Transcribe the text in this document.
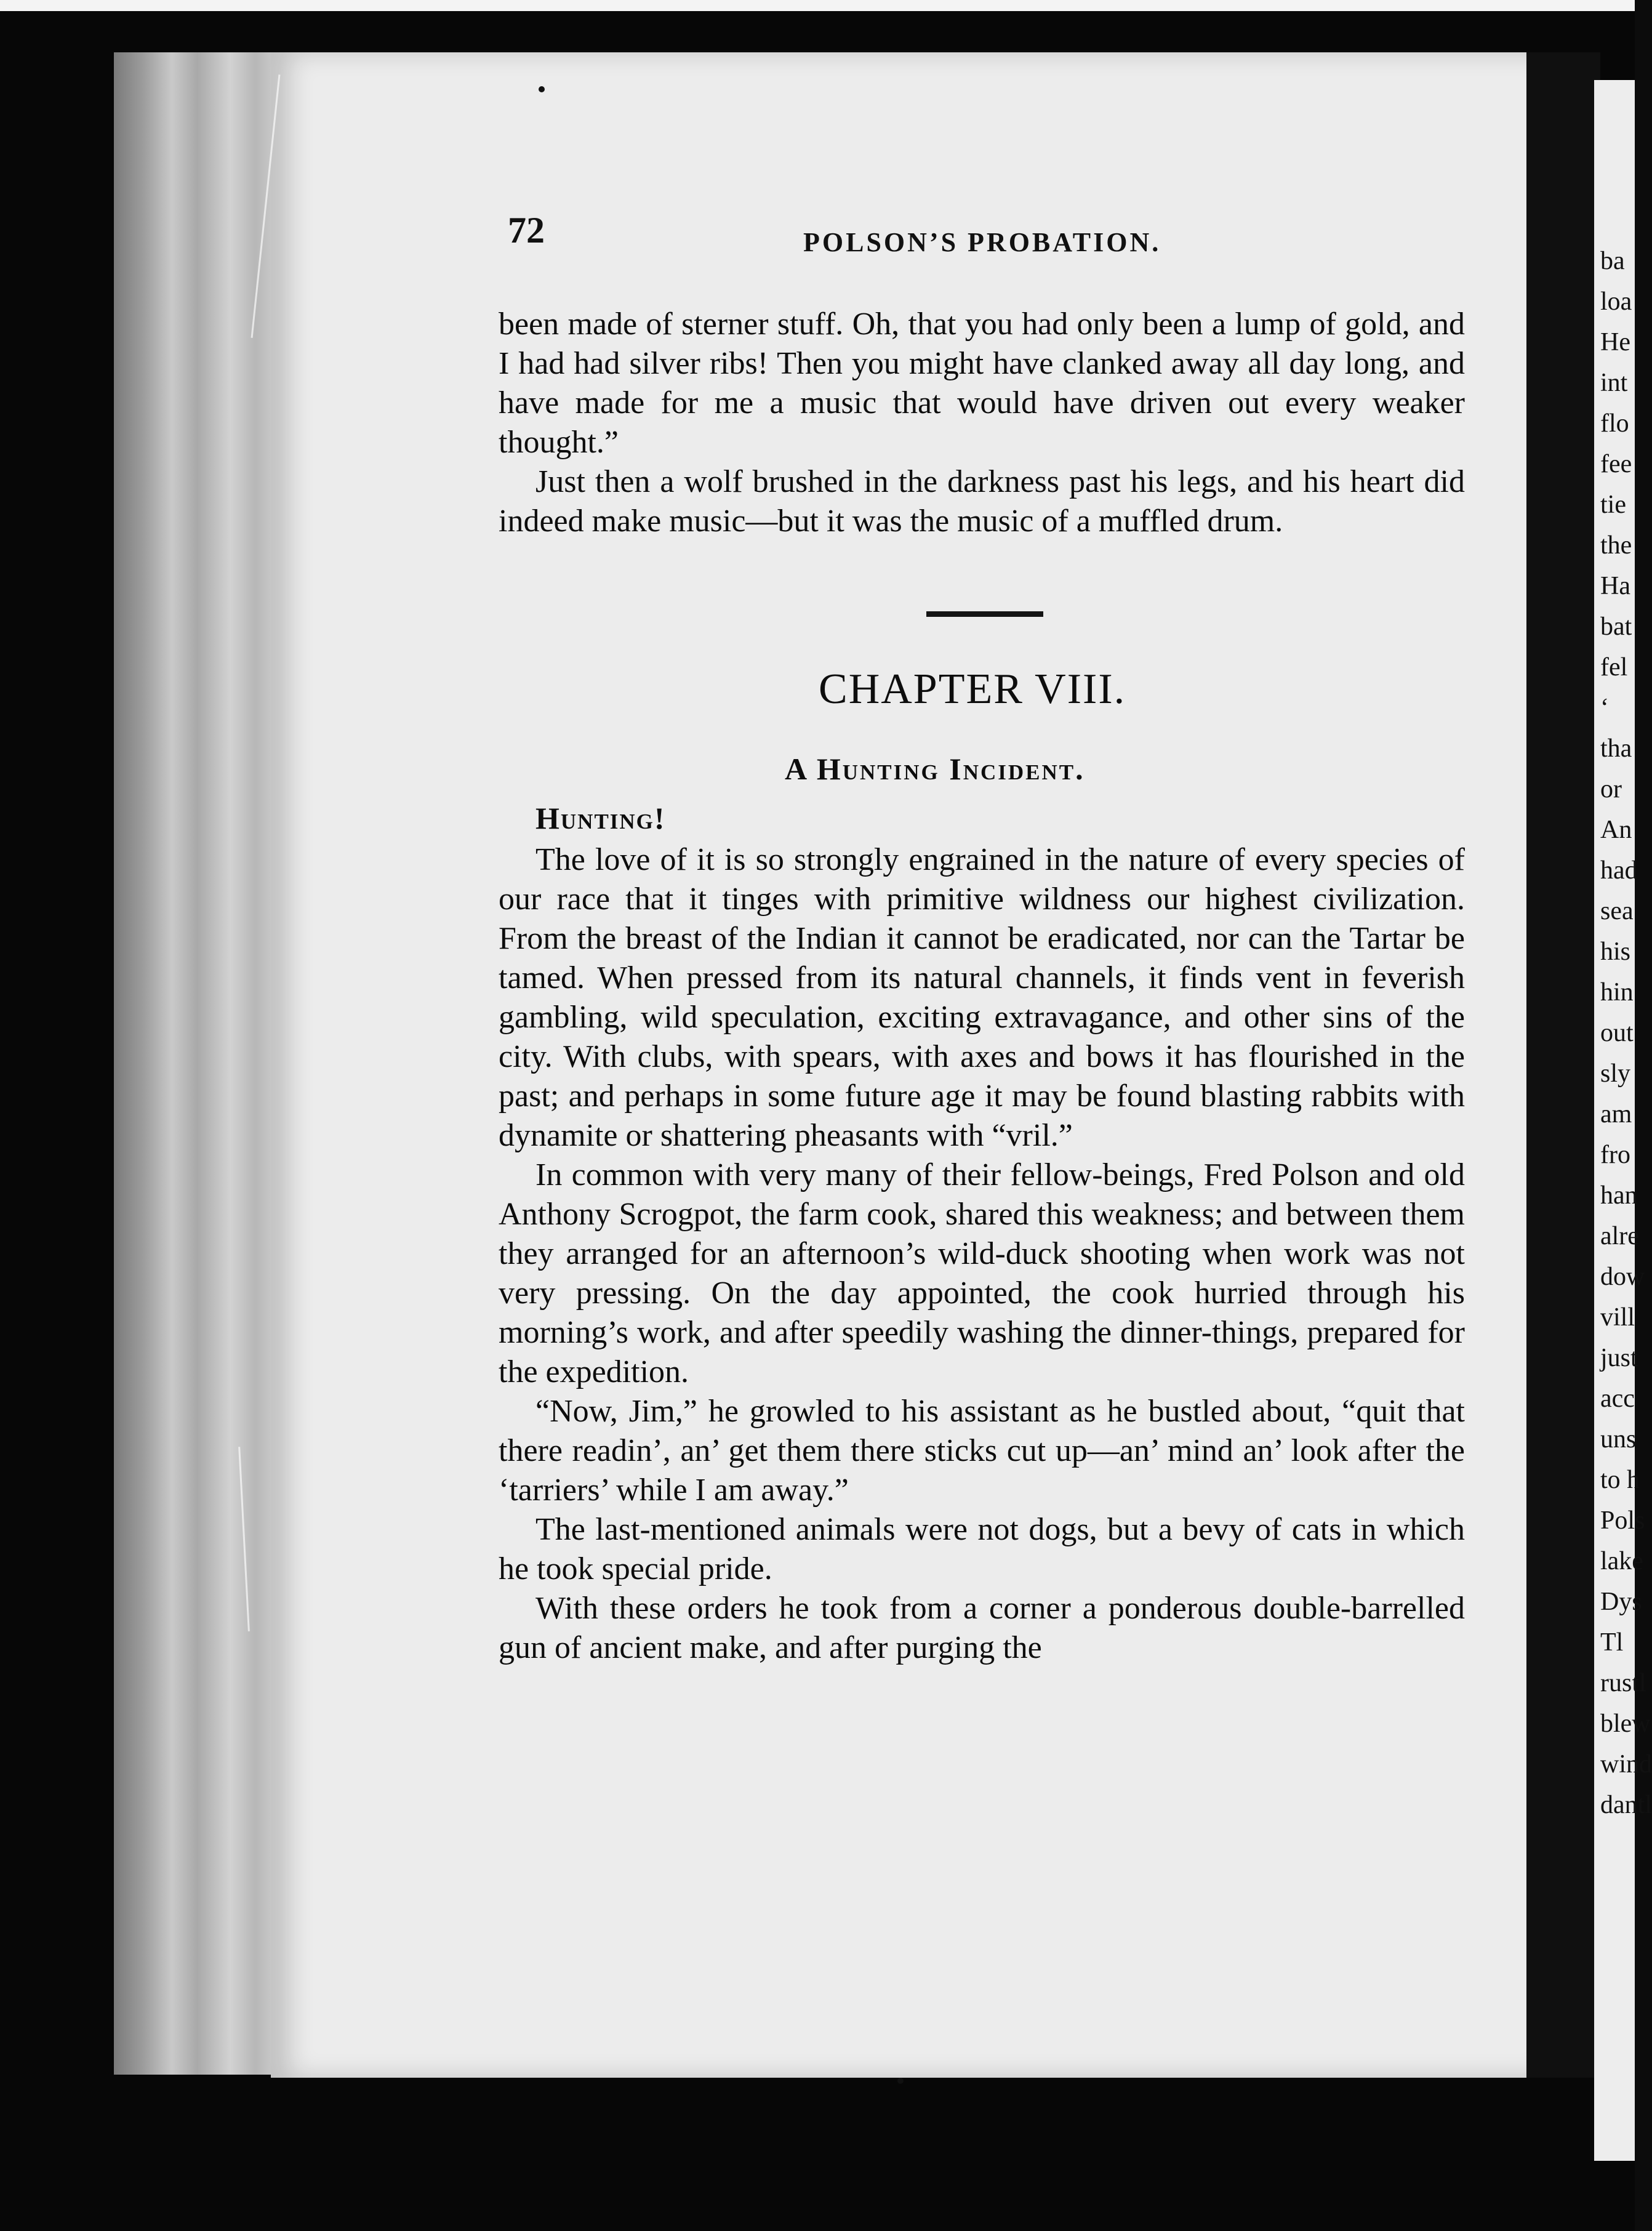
ba
loa
He
int
flo
fee
tie
the
Ha
bat
fel
‘
tha
or
An
had
sea
his
hin
out
sly
am
fro
han
alre
dow
vill
just
acc
uns
to h
Pols
lake
Dys
Tl
rustl
blew
wind
dantl
72	POLSON’S PROBATION.

been made of sterner stuff. Oh, that you had only been a lump of gold, and I had had silver ribs! Then you might have clanked away all day long, and have made for me a music that would have driven out every weaker thought.”

Just then a wolf brushed in the darkness past his legs, and his heart did indeed make music—but it was the music of a muffled drum.

CHAPTER VIII.
A Hunting Incident.
Hunting!

The love of it is so strongly engrained in the nature of every species of our race that it tinges with primitive wildness our highest civilization. From the breast of the Indian it cannot be eradicated, nor can the Tartar be tamed. When pressed from its natural channels, it finds vent in feverish gambling, wild speculation, exciting extravagance, and other sins of the city. With clubs, with spears, with axes and bows it has flourished in the past; and perhaps in some future age it may be found blasting rabbits with dynamite or shattering pheasants with “vril.”

In common with very many of their fellow-beings, Fred Polson and old Anthony Scrogpot, the farm cook, shared this weakness; and between them they arranged for an afternoon’s wild-duck shooting when work was not very pressing. On the day appointed, the cook hurried through his morning’s work, and after speedily washing the dinner-things, prepared for the expedition.

“Now, Jim,” he growled to his assistant as he bustled about, “quit that there readin’, an’ get them there sticks cut up—an’ mind an’ look after the ‘tarriers’ while I am away.”

The last-mentioned animals were not dogs, but a bevy of cats in which he took special pride.

With these orders he took from a corner a ponderous double-barrelled gun of ancient make, and after purging the
